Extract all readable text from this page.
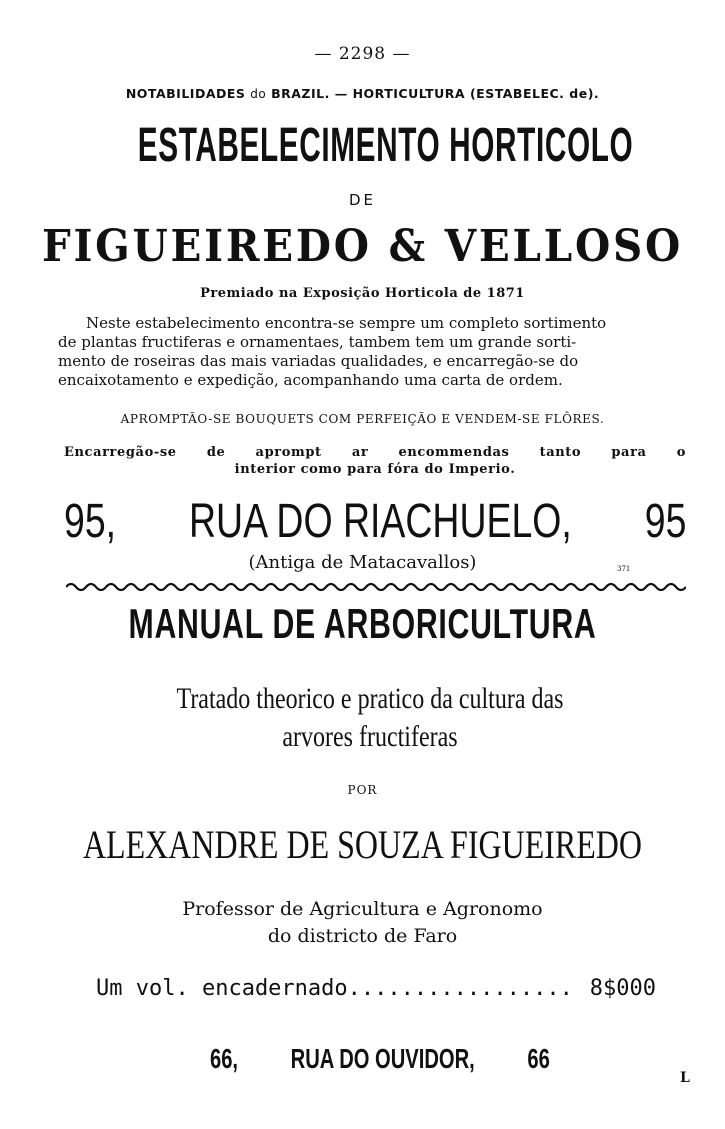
— 2298 —
NOTABILIDADES do BRAZIL. — HORTICULTURA (ESTABELEC. de).
ESTABELECIMENTO HORTICOLO
DE
FIGUEIREDO & VELLOSO
Premiado na Exposição Horticola de 1871
Neste estabelecimento encontra-se sempre um completo sortimento
de plantas fructiferas e ornamentaes, tambem tem um grande sorti-
mento de roseiras das mais variadas qualidades, e encarregão-se do
encaixotamento e expedição, acompanhando uma carta de ordem.
APROMPTÃO-SE BOUQUETS COM PERFEIÇÃO E VENDEM-SE FLÔRES.
Encarregão-se de aprompt ar encommendas tanto para o
interior como para fóra do Imperio.
95, RUA DO RIACHUELO, 95
(Antiga de Matacavallos)	371
MANUAL DE ARBORICULTURA
Tratado theorico e pratico da cultura das
arvores fructiferas
POR
ALEXANDRE DE SOUZA FIGUEIREDO
Professor de Agricultura e Agronomo
do districto de Faro
Um vol. encadernado................. 8$000
66, RUA DO OUVIDOR, 66
L
